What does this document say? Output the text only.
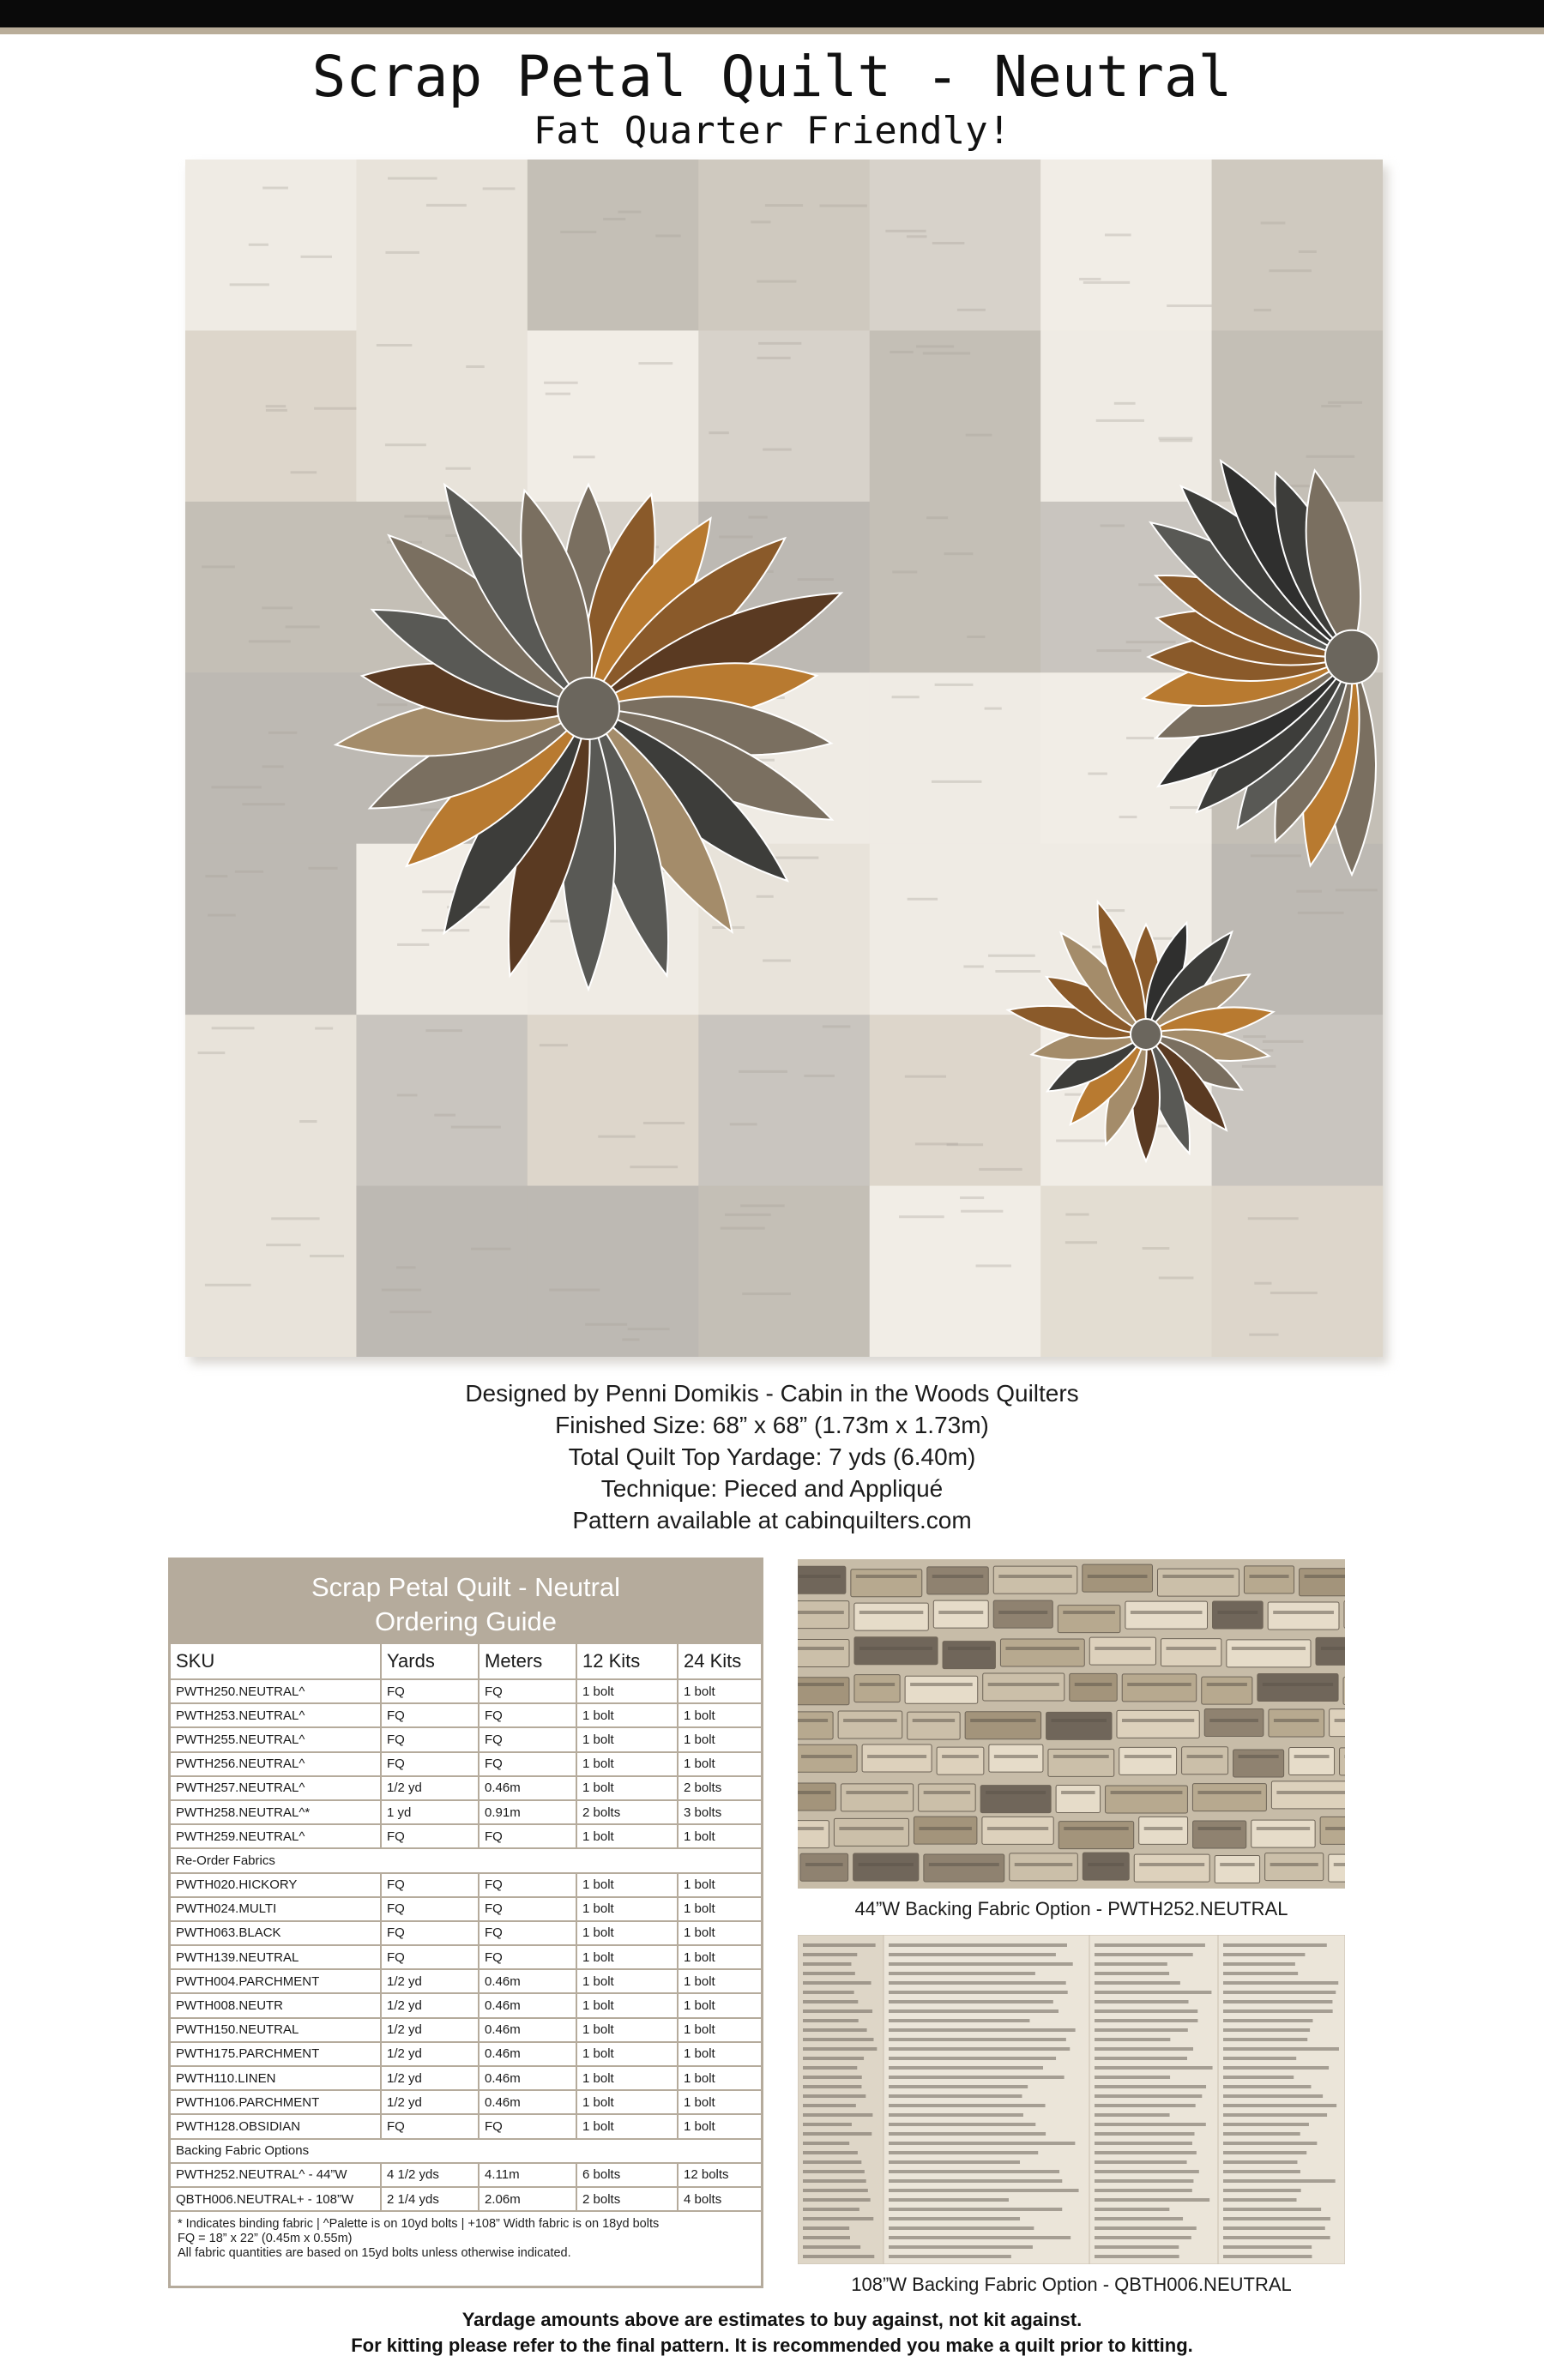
Scrap Petal Quilt - Neutral
Fat Quarter Friendly!
Designed by Penni Domikis - Cabin in the Woods Quilters
Finished Size: 68” x 68” (1.73m x 1.73m)
Total Quilt Top Yardage: 7 yds (6.40m)
Technique: Pieced and Appliqué
Pattern available at cabinquilters.com
Scrap Petal Quilt - Neutral
Ordering Guide
SKU	Yards	Meters	12 Kits	24 Kits
PWTH250.NEUTRAL^	FQ	FQ	1 bolt	1 bolt
PWTH253.NEUTRAL^	FQ	FQ	1 bolt	1 bolt
PWTH255.NEUTRAL^	FQ	FQ	1 bolt	1 bolt
PWTH256.NEUTRAL^	FQ	FQ	1 bolt	1 bolt
PWTH257.NEUTRAL^	1/2 yd	0.46m	1 bolt	2 bolts
PWTH258.NEUTRAL^*	1 yd	0.91m	2 bolts	3 bolts
PWTH259.NEUTRAL^	FQ	FQ	1 bolt	1 bolt
Re-Order Fabrics				
PWTH020.HICKORY	FQ	FQ	1 bolt	1 bolt
PWTH024.MULTI	FQ	FQ	1 bolt	1 bolt
PWTH063.BLACK	FQ	FQ	1 bolt	1 bolt
PWTH139.NEUTRAL	FQ	FQ	1 bolt	1 bolt
PWTH004.PARCHMENT	1/2 yd	0.46m	1 bolt	1 bolt
PWTH008.NEUTR	1/2 yd	0.46m	1 bolt	1 bolt
PWTH150.NEUTRAL	1/2 yd	0.46m	1 bolt	1 bolt
PWTH175.PARCHMENT	1/2 yd	0.46m	1 bolt	1 bolt
PWTH110.LINEN	1/2 yd	0.46m	1 bolt	1 bolt
PWTH106.PARCHMENT	1/2 yd	0.46m	1 bolt	1 bolt
PWTH128.OBSIDIAN	FQ	FQ	1 bolt	1 bolt
Backing Fabric Options				
PWTH252.NEUTRAL^ - 44”W	4 1/2 yds	4.11m	6 bolts	12 bolts
QBTH006.NEUTRAL+ - 108”W	2 1/4 yds	2.06m	2 bolts	4 bolts
* Indicates binding fabric | ^Palette is on 10yd bolts | +108” Width fabric is on 18yd bolts
FQ = 18” x 22” (0.45m x 0.55m)
All fabric quantities are based on 15yd bolts unless otherwise indicated.
44”W Backing Fabric Option - PWTH252.NEUTRAL
108”W Backing Fabric Option - QBTH006.NEUTRAL
Yardage amounts above are estimates to buy against, not kit against.
For kitting please refer to the final pattern. It is recommended you make a quilt prior to kitting.
